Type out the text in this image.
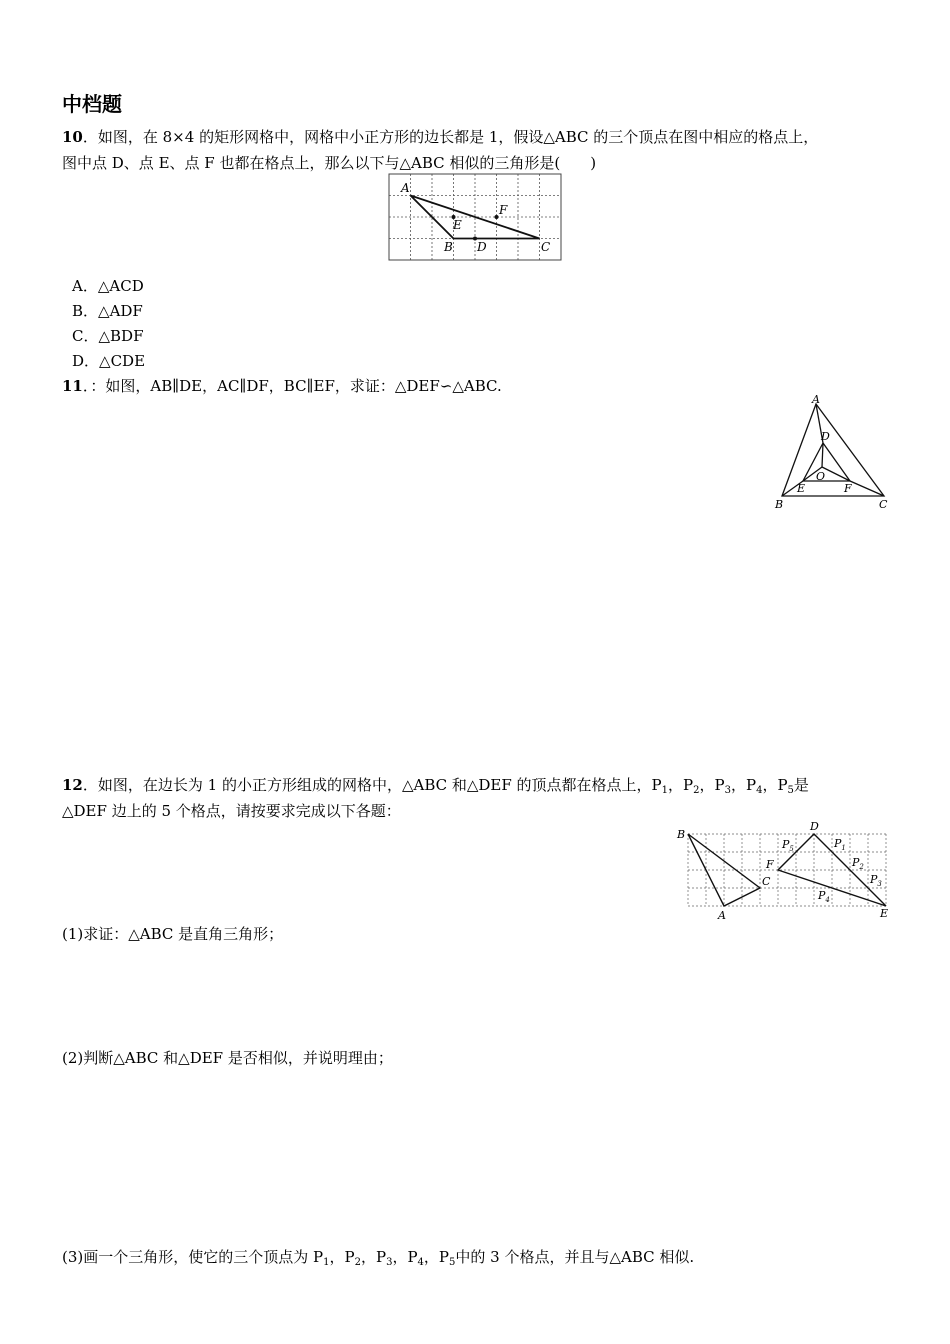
中档题
10．如图，在 8×4 的矩形网格中，网格中小正方形的边长都是 1，假设△ABC 的三个顶点在图中相应的格点上，
图中点 D、点 E、点 F 也都在格点上，那么以下与△ABC 相似的三角形是(　　)
A
B	C
D
E
F
A．△ACD
B．△ADF
C．△BDF
D．△CDE
11．：如图，AB∥DE，AC∥DF，BC∥EF，求证：△DEF∽△ABC.
A
B	C
D
E	F
O
12．如图，在边长为 1 的小正方形组成的网格中，△ABC 和△DEF 的顶点都在格点上，$P_1$，$P_2$，$P_3$，$P_4$，$P_5$是
△DEF 边上的 5 个格点，请按要求完成以下各题：
B
A
C
D
E
F
$P_5$	$P_1$
$P_2$
$P_3$
$P_4$
(1)求证：△ABC 是直角三角形；
(2)判断△ABC 和△DEF 是否相似，并说明理由；
(3)画一个三角形，使它的三个顶点为 $P_1$，$P_2$，$P_3$，$P_4$，$P_5$中的 3 个格点，并且与△ABC 相似.
